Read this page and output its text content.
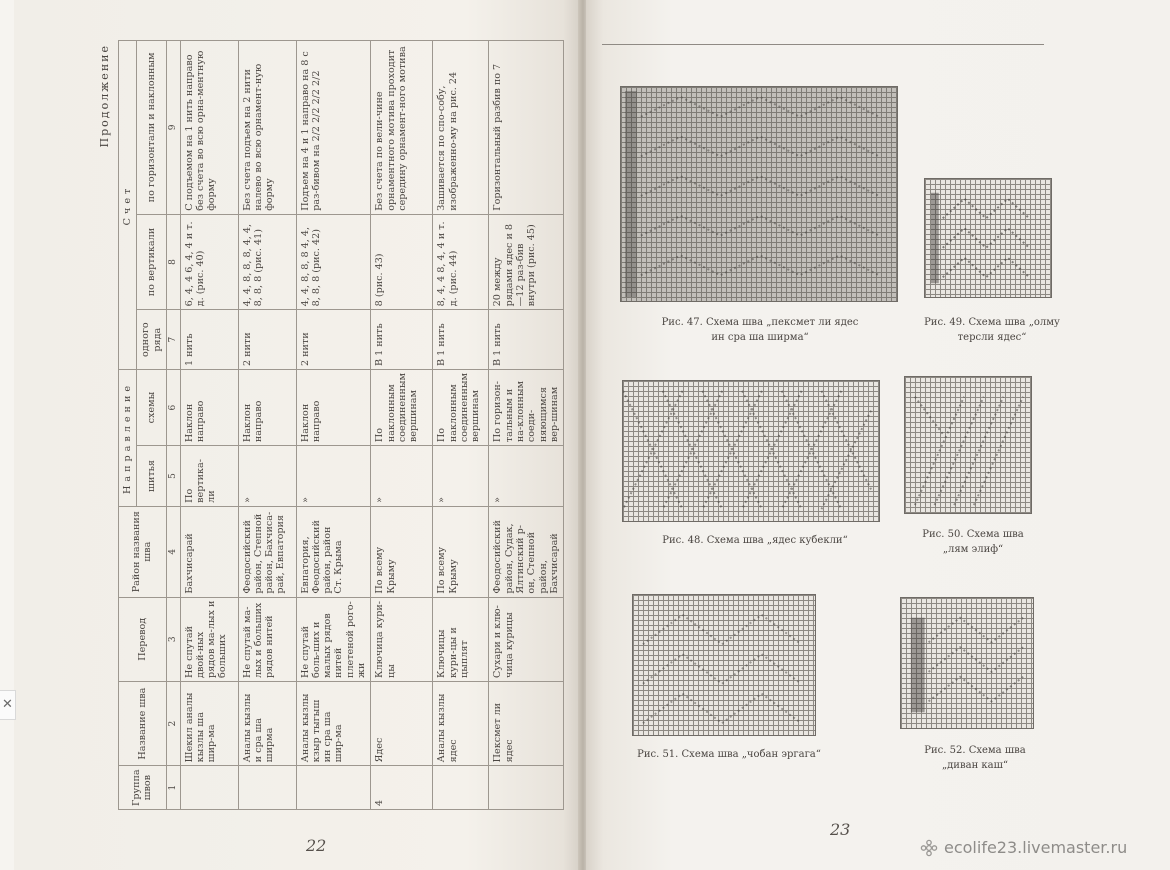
✕
Продолжение
Группа швов	Название шва	Перевод	Район названия шва	Направление		Счет		
				шитья	схемы	одного ряда	по вертикали	по горизонтали и наклонным

1	2	3	4	5	6	7	8	9
	Шекил аналы кызлы ша шир-ма	Не спутай двой-ных рядов ма-лых и больших	Бахчисарай	По вертика-ли	Наклон направо	1 нить	6, 4, 4 6, 4, 4 и т. д. (рис. 40)	С подъемом на 1 нить направо без счета во всю орна-ментную форму
	Аналы кызлы и сра ша ширма	Не спутай ма-лых и больших рядов нитей	Феодосийский район, Степной район, Бахчиса-рай, Евпатория	»	Наклон направо	2 нити	4, 4, 8, 8, 8, 4, 4, 8, 8, 8 (рис. 41)	Без счета подъем на 2 нити налево во всю орнамент-ную форму
	Аналы кызлы кзыр тыгыш ин сра ша шир-ма	Не спутай боль-ших и малых рядов нитей плетеной рого-жи	Евпатория, Феодосийский район, район Ст. Крыма	»	Наклон направо	2 нити	4, 4, 8, 8, 8 4, 4, 8, 8, 8 (рис. 42)	Подъем на 4 и 1 направо на 8 с раз-бивом на 2/2 2/2 2/2 2/2
4	Ядес	Ключица кури-цы	По всему Крыму	»	По наклонным соединенным вершинам	В 1 нить	8 (рис. 43)	Без счета по вели-чине орнаментного мотива проходит середину орнамент-ного мотива
	Аналы кызлы ядес	Ключицы кури-цы и цыплят	По всему Крыму	»	По наклонным соединенным вершинам	В 1 нить	8, 4, 4 8, 4, 4 и т. д. (рис. 44)	Зашивается по спо-собу, изображенно-му на рис. 24
	Пексмет ли ядес	Сухари и клю-чица курицы	Феодосийский район, Судак, Ялтинский р-он, Степной район, Бахчисарай	»	По горизон-тальным и на-клонным соеди-няющимся вер-шинам	В 1 нить	20 между рядами ядес и 8—12 раз-бив внутри (рис. 45)	Горизонтальный разбив по 7
22
Рис. 47. Схема шва „пексмет ли ядес ин сра ша ширма“
Рис. 49. Схема шва „олму терсли ядес“
Рис. 48. Схема шва „ядес кубекли“
Рис. 50. Схема шва „лям элиф“
Рис. 51. Схема шва „чобан эргага“	Рис. 52. Схема шва „диван каш“
23
ecolife23.livemaster.ru
